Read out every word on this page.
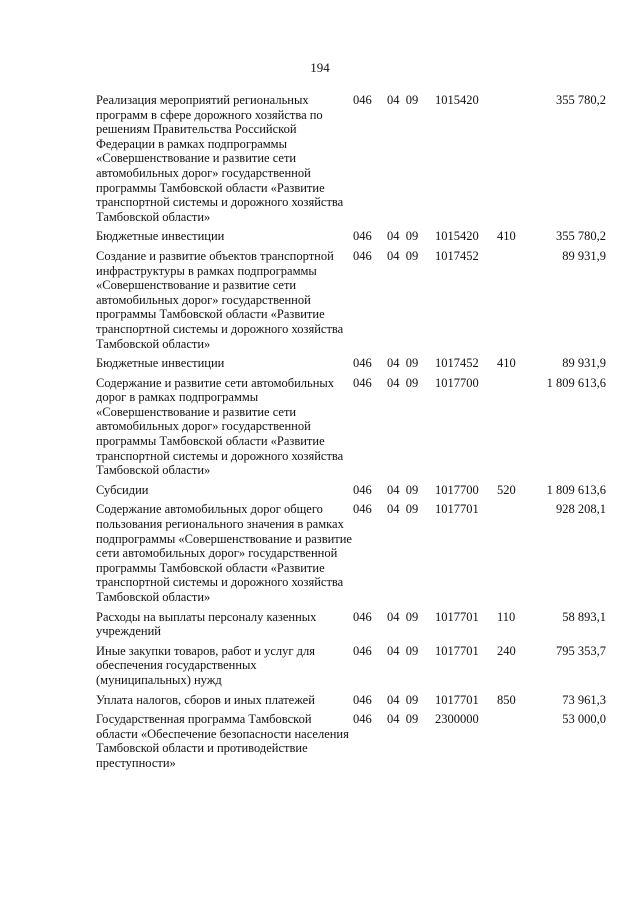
194
Реализация мероприятий региональных программ в сфере дорожного хозяйства по решениям Правительства Российской Федерации в рамках подпрограммы «Совершенствование и развитие сети автомобильных дорог» государственной программы Тамбовской области «Развитие транспортной системы и дорожного хозяйства Тамбовской области»	046	04  09	1015420		355 780,2
Бюджетные инвестиции	046	04  09	1015420	410	355 780,2
Создание и развитие объектов транспортной инфраструктуры в рамках подпрограммы «Совершенствование и развитие сети автомобильных дорог» государственной программы Тамбовской области «Развитие транспортной системы и дорожного хозяйства Тамбовской области»	046	04  09	1017452		89 931,9
Бюджетные инвестиции	046	04  09	1017452	410	89 931,9
Содержание и развитие сети автомобильных дорог в рамках подпрограммы «Совершенствование и развитие сети автомобильных дорог» государственной программы Тамбовской области «Развитие транспортной системы и дорожного хозяйства Тамбовской области»	046	04  09	1017700		1 809 613,6
Субсидии	046	04  09	1017700	520	1 809 613,6
Содержание автомобильных дорог общего пользования регионального значения в рамках подпрограммы «Совершенствование и развитие сети автомобильных дорог» государственной программы Тамбовской области «Развитие транспортной системы и дорожного хозяйства Тамбовской области»	046	04  09	1017701		928 208,1
Расходы на выплаты персоналу казенных учреждений	046	04  09	1017701	110	58 893,1
Иные закупки товаров, работ и услуг для обеспечения государственных (муниципальных) нужд	046	04  09	1017701	240	795 353,7
Уплата налогов, сборов и иных платежей	046	04  09	1017701	850	73 961,3
Государственная программа Тамбовской области «Обеспечение безопасности населения Тамбовской области и противодействие преступности»	046	04  09	2300000		53 000,0
